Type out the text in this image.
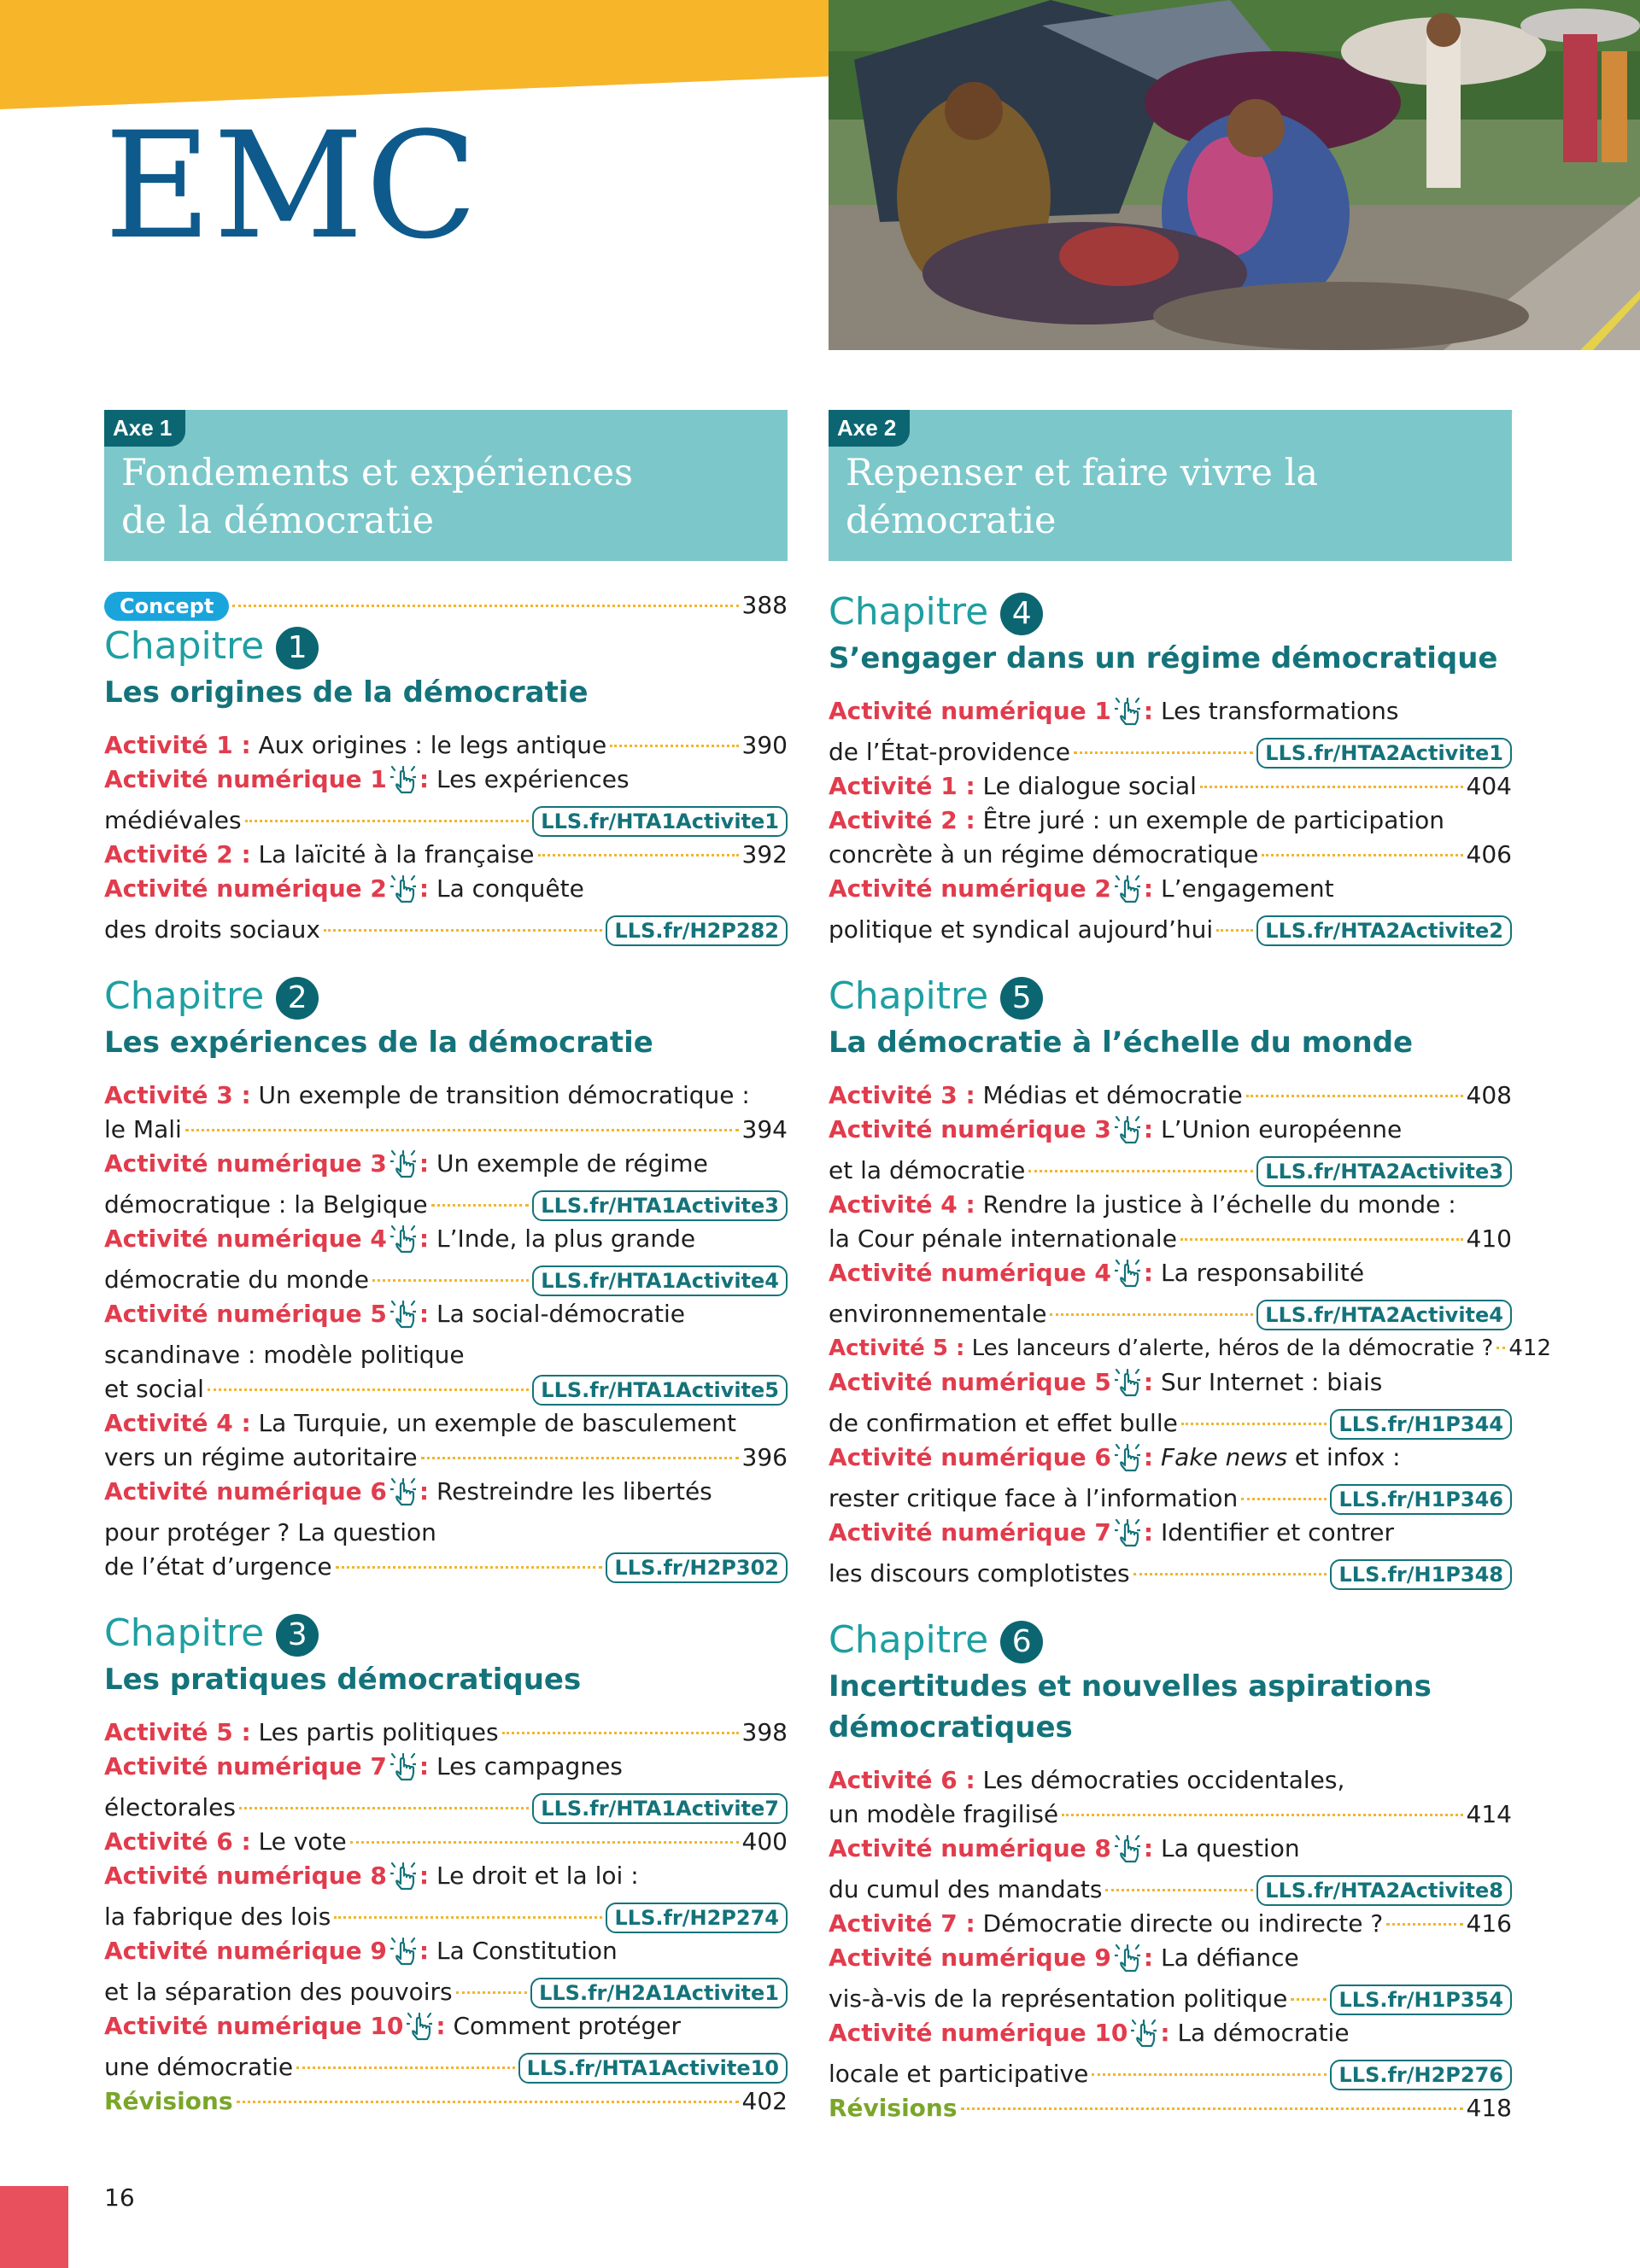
EMC
Axe 1
Fondements et expériences
de la démocratie
Concept	388
Chapitre 1
Les origines de la démocratie
Activité 1 : Aux origines : le legs antique	390
Activité numérique 1 : Les expériences
médiévales	LLS.fr/HTA1Activite1
Activité 2 : La laïcité à la française	392
Activité numérique 2 : La conquête
des droits sociaux	LLS.fr/H2P282
Chapitre 2
Les expériences de la démocratie
Activité 3 : Un exemple de transition démocratique :
le Mali	394
Activité numérique 3 : Un exemple de régime
démocratique : la Belgique	LLS.fr/HTA1Activite3
Activité numérique 4 : L’Inde, la plus grande
démocratie du monde	LLS.fr/HTA1Activite4
Activité numérique 5 : La social-démocratie
scandinave : modèle politique
et social	LLS.fr/HTA1Activite5
Activité 4 : La Turquie, un exemple de basculement
vers un régime autoritaire	396
Activité numérique 6 : Restreindre les libertés
pour protéger ? La question
de l’état d’urgence	LLS.fr/H2P302
Chapitre 3
Les pratiques démocratiques
Activité 5 : Les partis politiques	398
Activité numérique 7 : Les campagnes
électorales	LLS.fr/HTA1Activite7
Activité 6 : Le vote	400
Activité numérique 8 : Le droit et la loi :
la fabrique des lois	LLS.fr/H2P274
Activité numérique 9 : La Constitution
et la séparation des pouvoirs	LLS.fr/H2A1Activite1
Activité numérique 10 : Comment protéger
une démocratie	LLS.fr/HTA1Activite10
Révisions	402
Axe 2
Repenser et faire vivre la
démocratie
Chapitre 4
S’engager dans un régime démocratique
Activité numérique 1 : Les transformations
de l’État-providence	LLS.fr/HTA2Activite1
Activité 1 : Le dialogue social	404
Activité 2 : Être juré : un exemple de participation
concrète à un régime démocratique	406
Activité numérique 2 : L’engagement
politique et syndical aujourd’hui	LLS.fr/HTA2Activite2
Chapitre 5
La démocratie à l’échelle du monde
Activité 3 : Médias et démocratie	408
Activité numérique 3 : L’Union européenne
et la démocratie	LLS.fr/HTA2Activite3
Activité 4 : Rendre la justice à l’échelle du monde :
la Cour pénale internationale	410
Activité numérique 4 : La responsabilité
environnementale	LLS.fr/HTA2Activite4
Activité 5 : Les lanceurs d’alerte, héros de la démocratie ? 412
Activité numérique 5 : Sur Internet : biais
de confirmation et effet bulle	LLS.fr/H1P344
Activité numérique 6 : Fake news et infox :
rester critique face à l’information	LLS.fr/H1P346
Activité numérique 7 : Identifier et contrer
les discours complotistes	LLS.fr/H1P348
Chapitre 6
Incertitudes et nouvelles aspirations
démocratiques
Activité 6 : Les démocraties occidentales,
un modèle fragilisé	414
Activité numérique 8 : La question
du cumul des mandats	LLS.fr/HTA2Activite8
Activité 7 : Démocratie directe ou indirecte ?	416
Activité numérique 9 : La défiance
vis-à-vis de la représentation politique	LLS.fr/H1P354
Activité numérique 10 : La démocratie
locale et participative	LLS.fr/H2P276
Révisions	418
16
